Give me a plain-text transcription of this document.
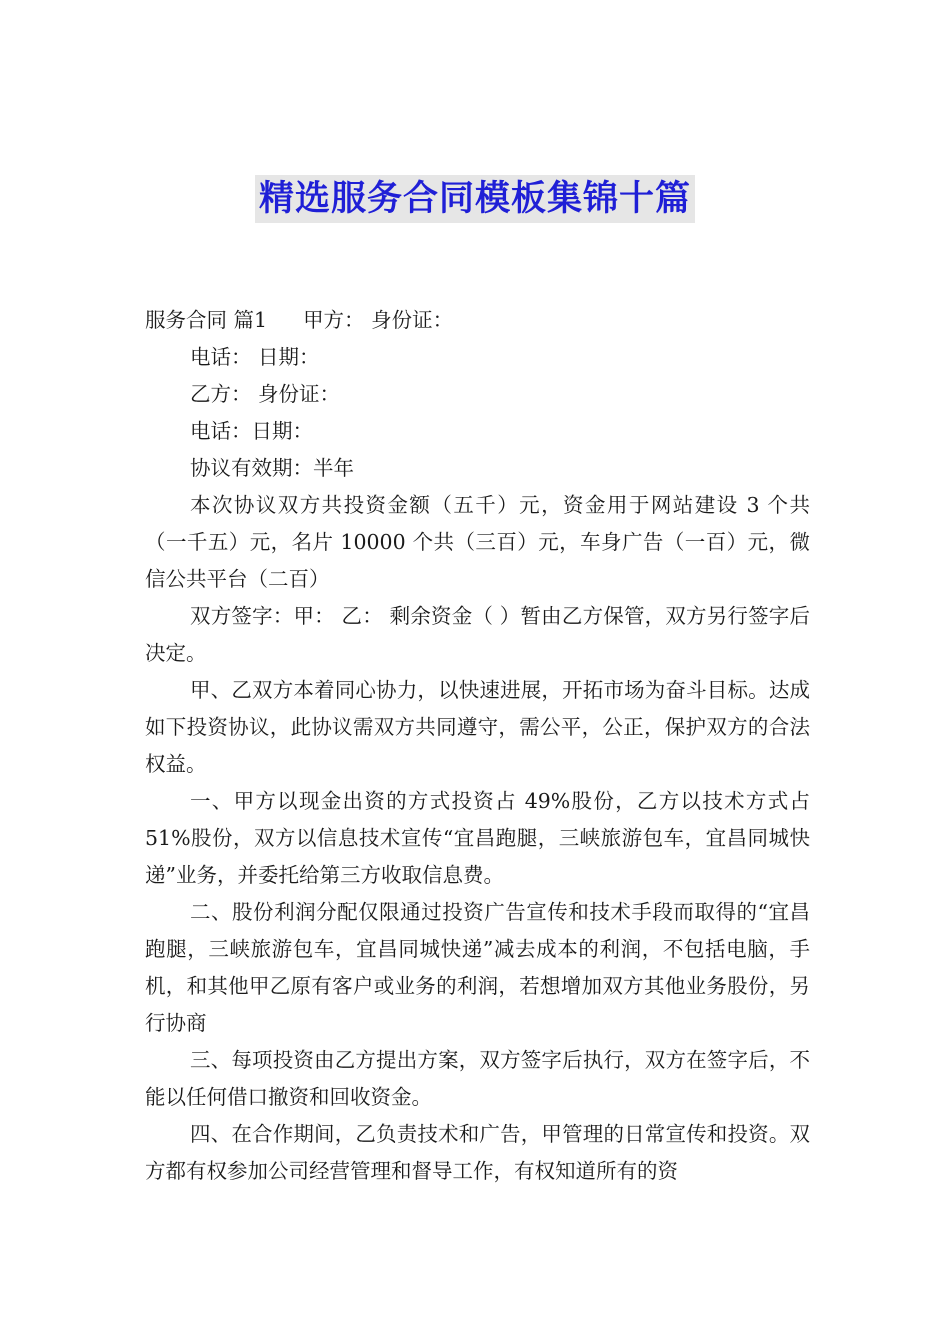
精选服务合同模板集锦十篇

服务合同 篇1 甲方： 身份证：

电话： 日期：

乙方： 身份证：

电话：日期：

协议有效期：半年

本次协议双方共投资金额（五千）元，资金用于网站建设 3 个共（一千五）元，名片 10000 个共（三百）元，车身广告（一百）元，微信公共平台（二百）

双方签字：甲： 乙： 剩余资金（ ）暂由乙方保管，双方另行签字后决定。

甲、乙双方本着同心协力，以快速进展，开拓市场为奋斗目标。达成如下投资协议，此协议需双方共同遵守，需公平，公正，保护双方的合法权益。

一、甲方以现金出资的方式投资占 49%股份，乙方以技术方式占 51%股份，双方以信息技术宣传“宜昌跑腿，三峡旅游包车，宜昌同城快递”业务，并委托给第三方收取信息费。

二、股份利润分配仅限通过投资广告宣传和技术手段而取得的“宜昌跑腿，三峡旅游包车，宜昌同城快递”减去成本的利润，不包括电脑，手机，和其他甲乙原有客户或业务的利润，若想增加双方其他业务股份，另行协商

三、每项投资由乙方提出方案，双方签字后执行，双方在签字后，不能以任何借口撤资和回收资金。

四、在合作期间，乙负责技术和广告，甲管理的日常宣传和投资。双方都有权参加公司经营管理和督导工作，有权知道所有的资
